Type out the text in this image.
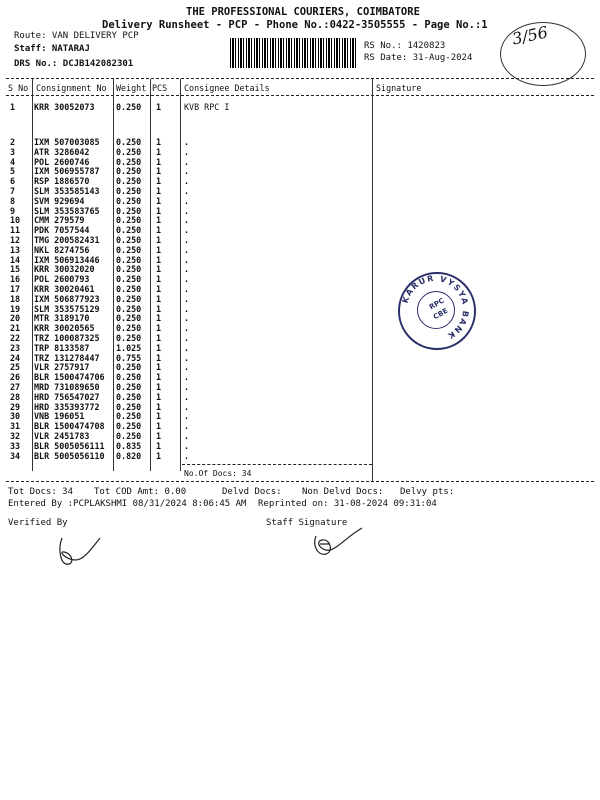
THE PROFESSIONAL COURIERS, COIMBATORE
Delivery Runsheet - PCP - Phone No.:0422-3505555 - Page No.:1
Route: VAN DELIVERY PCP
Staff: NATARAJ
DRS No.: DCJB142082301
RS No.: 1420823
RS Date: 31-Aug-2024
3/56
S No Consignment No Weight PCS Consignee Details	Signature
1 KRR 30052073	0.250 1	KVB RPC I
2 IXM 507003085 0.250 1	.
3 ATR 3286042	0.250 1	.
4 POL 2600746	0.250 1	.
5 IXM 506955787 0.250 1	.
6 RSP 1886570	0.250 1	.
7 SLM 353585143 0.250 1	.
8 SVM 929694	0.250 1	.
9 SLM 353583765 0.250 1	.
10 CMM 279579	0.250 1	.
11 PDK 7057544	0.250 1	.
12 TMG 200582431 0.250 1	.
13 NKL 8274756	0.250 1	.
14 IXM 506913446 0.250 1	.
15 KRR 30032020	0.250 1	.
16 POL 2600793	0.250 1	.
17 KRR 30020461	0.250 1	.
18 IXM 506877923 0.250 1	.
19 SLM 353575129 0.250 1	.
20 MTR 3189170	0.250 1	.
21 KRR 30020565	0.250 1	.
22 TRZ 100087325 0.250 1	.
23 TRP 8133587	1.025 1	.
24 TRZ 131278447 0.755 1	.
25 VLR 2757917	0.250 1	.
26 BLR 1500474706 0.250 1	.
27 MRD 731089650 0.250 1	.
28 HRD 756547027 0.250 1	.
29 HRD 335393772 0.250 1	.
30 VNB 196051	0.250 1	.
31 BLR 1500474708 0.250 1	.
32 VLR 2451783	0.250 1	.
33 BLR 5005056111 0.835 1	.
34 BLR 5005056110 0.820 1	.
No.Of Docs: 34
KARUR VYSYA BANK
RPC
CBE
Tot Docs: 34 Tot COD Amt: 0.00	Delvd Docs: Non Delvd Docs: Delvy pts:
Entered By :PCPLAKSHMI 08/31/2024 8:06:45 AM Reprinted on: 31-08-2024 09:31:04
Verified By	Staff Signature
